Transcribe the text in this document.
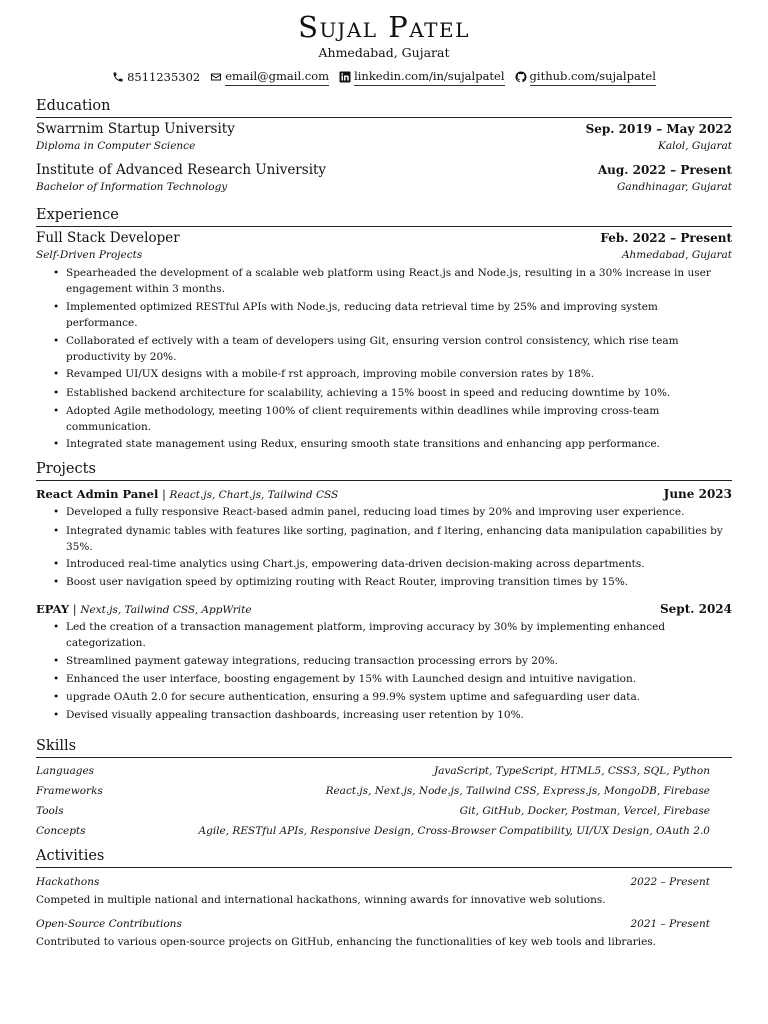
Sujal Patel
Ahmedabad, Gujarat
8511235302 email@gmail.com linkedin.com/in/sujalpatel github.com/sujalpatel
Education
Swarrnim Startup University	Sep. 2019 – May 2022
Diploma in Computer Science	Kalol, Gujarat
Institute of Advanced Research University	Aug. 2022 – Present
Bachelor of Information Technology	Gandhinagar, Gujarat
Experience
Full Stack Developer	Feb. 2022 – Present
Self-Driven Projects	Ahmedabad, Gujarat
• Spearheaded the development of a scalable web platform using React.js and Node.js, resulting in a 30% increase in user engagement within 3 months.
• Implemented optimized RESTful APIs with Node.js, reducing data retrieval time by 25% and improving system performance.
• Collaborated ef ectively with a team of developers using Git, ensuring version control consistency, which rise team productivity by 20%.
• Revamped UI/UX designs with a mobile-f rst approach, improving mobile conversion rates by 18%.
• Established backend architecture for scalability, achieving a 15% boost in speed and reducing downtime by 10%.
• Adopted Agile methodology, meeting 100% of client requirements within deadlines while improving cross-team communication.
• Integrated state management using Redux, ensuring smooth state transitions and enhancing app performance.
Projects
React Admin Panel | React.js, Chart.js, Tailwind CSS	June 2023
• Developed a fully responsive React-based admin panel, reducing load times by 20% and improving user experience.
• Integrated dynamic tables with features like sorting, pagination, and f ltering, enhancing data manipulation capabilities by 35%.
• Introduced real-time analytics using Chart.js, empowering data-driven decision-making across departments.
• Boost user navigation speed by optimizing routing with React Router, improving transition times by 15%.
EPAY | Next.js, Tailwind CSS, AppWrite	Sept. 2024
• Led the creation of a transaction management platform, improving accuracy by 30% by implementing enhanced categorization.
• Streamlined payment gateway integrations, reducing transaction processing errors by 20%.
• Enhanced the user interface, boosting engagement by 15% with Launched design and intuitive navigation.
• upgrade OAuth 2.0 for secure authentication, ensuring a 99.9% system uptime and safeguarding user data.
• Devised visually appealing transaction dashboards, increasing user retention by 10%.
Skills
Languages	JavaScript, TypeScript, HTML5, CSS3, SQL, Python
Frameworks	React.js, Next.js, Node.js, Tailwind CSS, Express.js, MongoDB, Firebase
Tools	Git, GitHub, Docker, Postman, Vercel, Firebase
Concepts	Agile, RESTful APIs, Responsive Design, Cross-Browser Compatibility, UI/UX Design, OAuth 2.0
Activities
Hackathons	2022 – Present
Competed in multiple national and international hackathons, winning awards for innovative web solutions.
Open-Source Contributions	2021 – Present
Contributed to various open-source projects on GitHub, enhancing the functionalities of key web tools and libraries.
